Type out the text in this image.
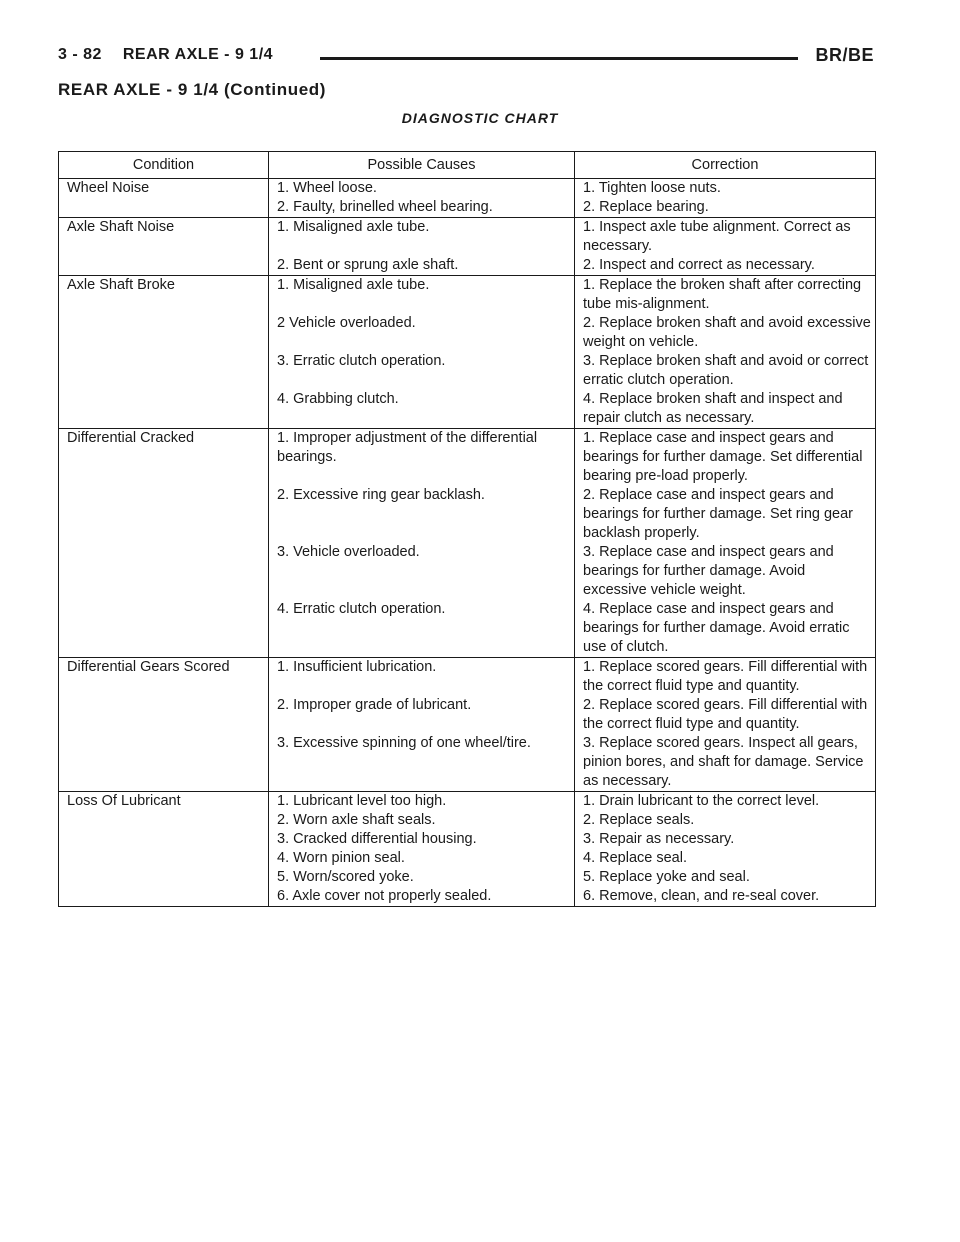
3 - 82 REAR AXLE - 9 1/4	BR/BE
REAR AXLE - 9 1/4 (Continued)
DIAGNOSTIC CHART
Condition	Possible Causes	Correction
Wheel Noise	1. Wheel loose.	1. Tighten loose nuts.
	2. Faulty, brinelled wheel bearing.	2. Replace bearing.
Axle Shaft Noise	1. Misaligned axle tube.	1. Inspect axle tube alignment. Correct as necessary.
	2. Bent or sprung axle shaft.	2. Inspect and correct as necessary.
Axle Shaft Broke	1. Misaligned axle tube.	1. Replace the broken shaft after correcting tube mis-alignment.
	2 Vehicle overloaded.	2. Replace broken shaft and avoid excessive weight on vehicle.
	3. Erratic clutch operation.	3. Replace broken shaft and avoid or correct erratic clutch operation.
	4. Grabbing clutch.	4. Replace broken shaft and inspect and repair clutch as necessary.
Differential Cracked	1. Improper adjustment of the differential bearings.	1. Replace case and inspect gears and bearings for further damage. Set differential bearing pre-load properly.
	2. Excessive ring gear backlash.	2. Replace case and inspect gears and bearings for further damage. Set ring gear backlash properly.
	3. Vehicle overloaded.	3. Replace case and inspect gears and bearings for further damage. Avoid excessive vehicle weight.
	4. Erratic clutch operation.	4. Replace case and inspect gears and bearings for further damage. Avoid erratic use of clutch.
Differential Gears Scored	1. Insufficient lubrication.	1. Replace scored gears. Fill differential with the correct fluid type and quantity.
	2. Improper grade of lubricant.	2. Replace scored gears. Fill differential with the correct fluid type and quantity.
	3. Excessive spinning of one wheel/tire.	3. Replace scored gears. Inspect all gears, pinion bores, and shaft for damage. Service as necessary.
Loss Of Lubricant	1. Lubricant level too high.	1. Drain lubricant to the correct level.
	2. Worn axle shaft seals.	2. Replace seals.
	3. Cracked differential housing.	3. Repair as necessary.
	4. Worn pinion seal.	4. Replace seal.
	5. Worn/scored yoke.	5. Replace yoke and seal.
	6. Axle cover not properly sealed.	6. Remove, clean, and re-seal cover.
